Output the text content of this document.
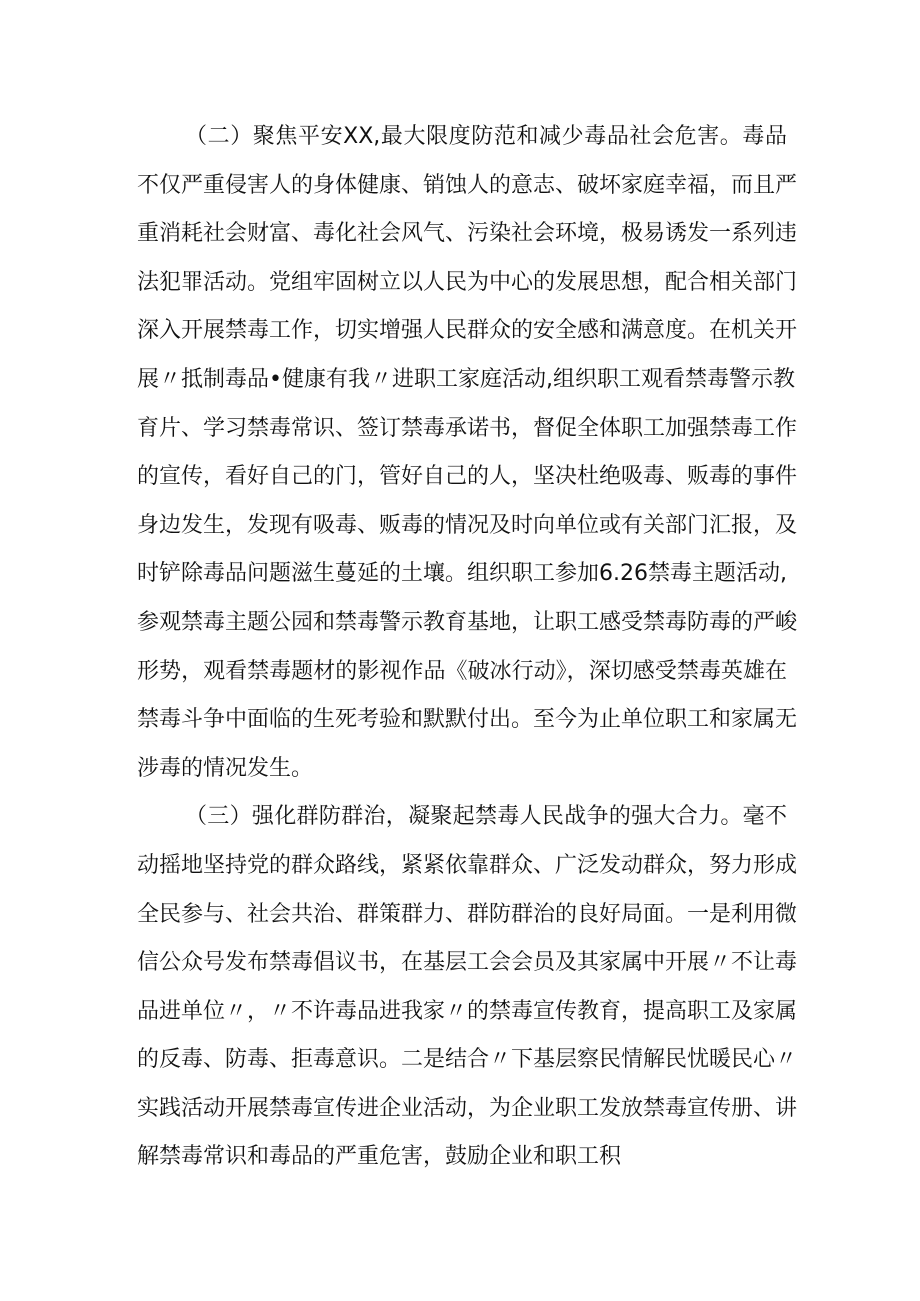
（二）聚焦平安XX,最大限度防范和减少毒品社会危害。毒品
不仅严重侵害人的身体健康、销蚀人的意志、破坏家庭幸福，而且严
重消耗社会财富、毒化社会风气、污染社会环境，极易诱发一系列违
法犯罪活动。党组牢固树立以人民为中心的发展思想，配合相关部门
深入开展禁毒工作，切实增强人民群众的安全感和满意度。在机关开
展〃抵制毒品•健康有我〃进职工家庭活动,组织职工观看禁毒警示教
育片、学习禁毒常识、签订禁毒承诺书，督促全体职工加强禁毒工作
的宣传，看好自己的门，管好自己的人，坚决杜绝吸毒、贩毒的事件
身边发生，发现有吸毒、贩毒的情况及时向单位或有关部门汇报，及
时铲除毒品问题滋生蔓延的土壤。组织职工参加6.26禁毒主题活动,
参观禁毒主题公园和禁毒警示教育基地，让职工感受禁毒防毒的严峻
形势，观看禁毒题材的影视作品《破冰行动》，深切感受禁毒英雄在
禁毒斗争中面临的生死考验和默默付出。至今为止单位职工和家属无
涉毒的情况发生。
（三）强化群防群治，凝聚起禁毒人民战争的强大合力。毫不
动摇地坚持党的群众路线，紧紧依靠群众、广泛发动群众，努力形成
全民参与、社会共治、群策群力、群防群治的良好局面。一是利用微
信公众号发布禁毒倡议书，在基层工会会员及其家属中开展〃不让毒
品进单位〃，〃不许毒品进我家〃的禁毒宣传教育，提高职工及家属
的反毒、防毒、拒毒意识。二是结合〃下基层察民情解民忧暖民心〃
实践活动开展禁毒宣传进企业活动，为企业职工发放禁毒宣传册、讲
解禁毒常识和毒品的严重危害，鼓励企业和职工积
